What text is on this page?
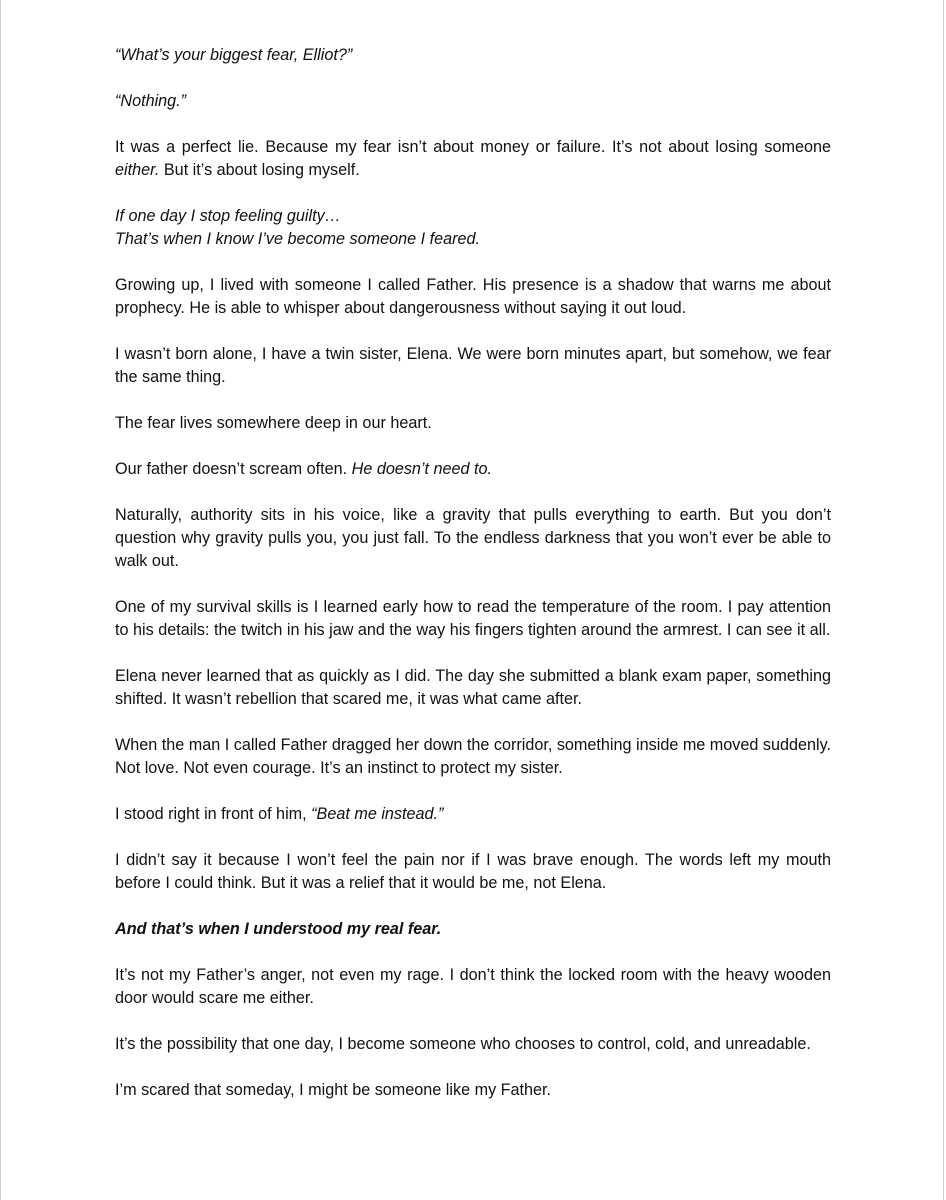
“What’s your biggest fear, Elliot?”

“Nothing.”

It was a perfect lie. Because my fear isn’t about money or failure. It’s not about losing someone either. But it’s about losing myself.

If one day I stop feeling guilty…
That’s when I know I’ve become someone I feared.

Growing up, I lived with someone I called Father. His presence is a shadow that warns me about prophecy. He is able to whisper about dangerousness without saying it out loud.

I wasn’t born alone, I have a twin sister, Elena. We were born minutes apart, but somehow, we fear the same thing.

The fear lives somewhere deep in our heart.

Our father doesn’t scream often. He doesn’t need to.

Naturally, authority sits in his voice, like a gravity that pulls everything to earth. But you don’t question why gravity pulls you, you just fall. To the endless darkness that you won’t ever be able to walk out.

One of my survival skills is I learned early how to read the temperature of the room. I pay attention to his details: the twitch in his jaw and the way his fingers tighten around the armrest. I can see it all.

Elena never learned that as quickly as I did. The day she submitted a blank exam paper, something shifted. It wasn’t rebellion that scared me, it was what came after.

When the man I called Father dragged her down the corridor, something inside me moved suddenly. Not love. Not even courage. It’s an instinct to protect my sister.

I stood right in front of him, “Beat me instead.”

I didn’t say it because I won’t feel the pain nor if I was brave enough. The words left my mouth before I could think. But it was a relief that it would be me, not Elena.

And that’s when I understood my real fear.

It’s not my Father’s anger, not even my rage. I don’t think the locked room with the heavy wooden door would scare me either.

It’s the possibility that one day, I become someone who chooses to control, cold, and unreadable.

I’m scared that someday, I might be someone like my Father.
